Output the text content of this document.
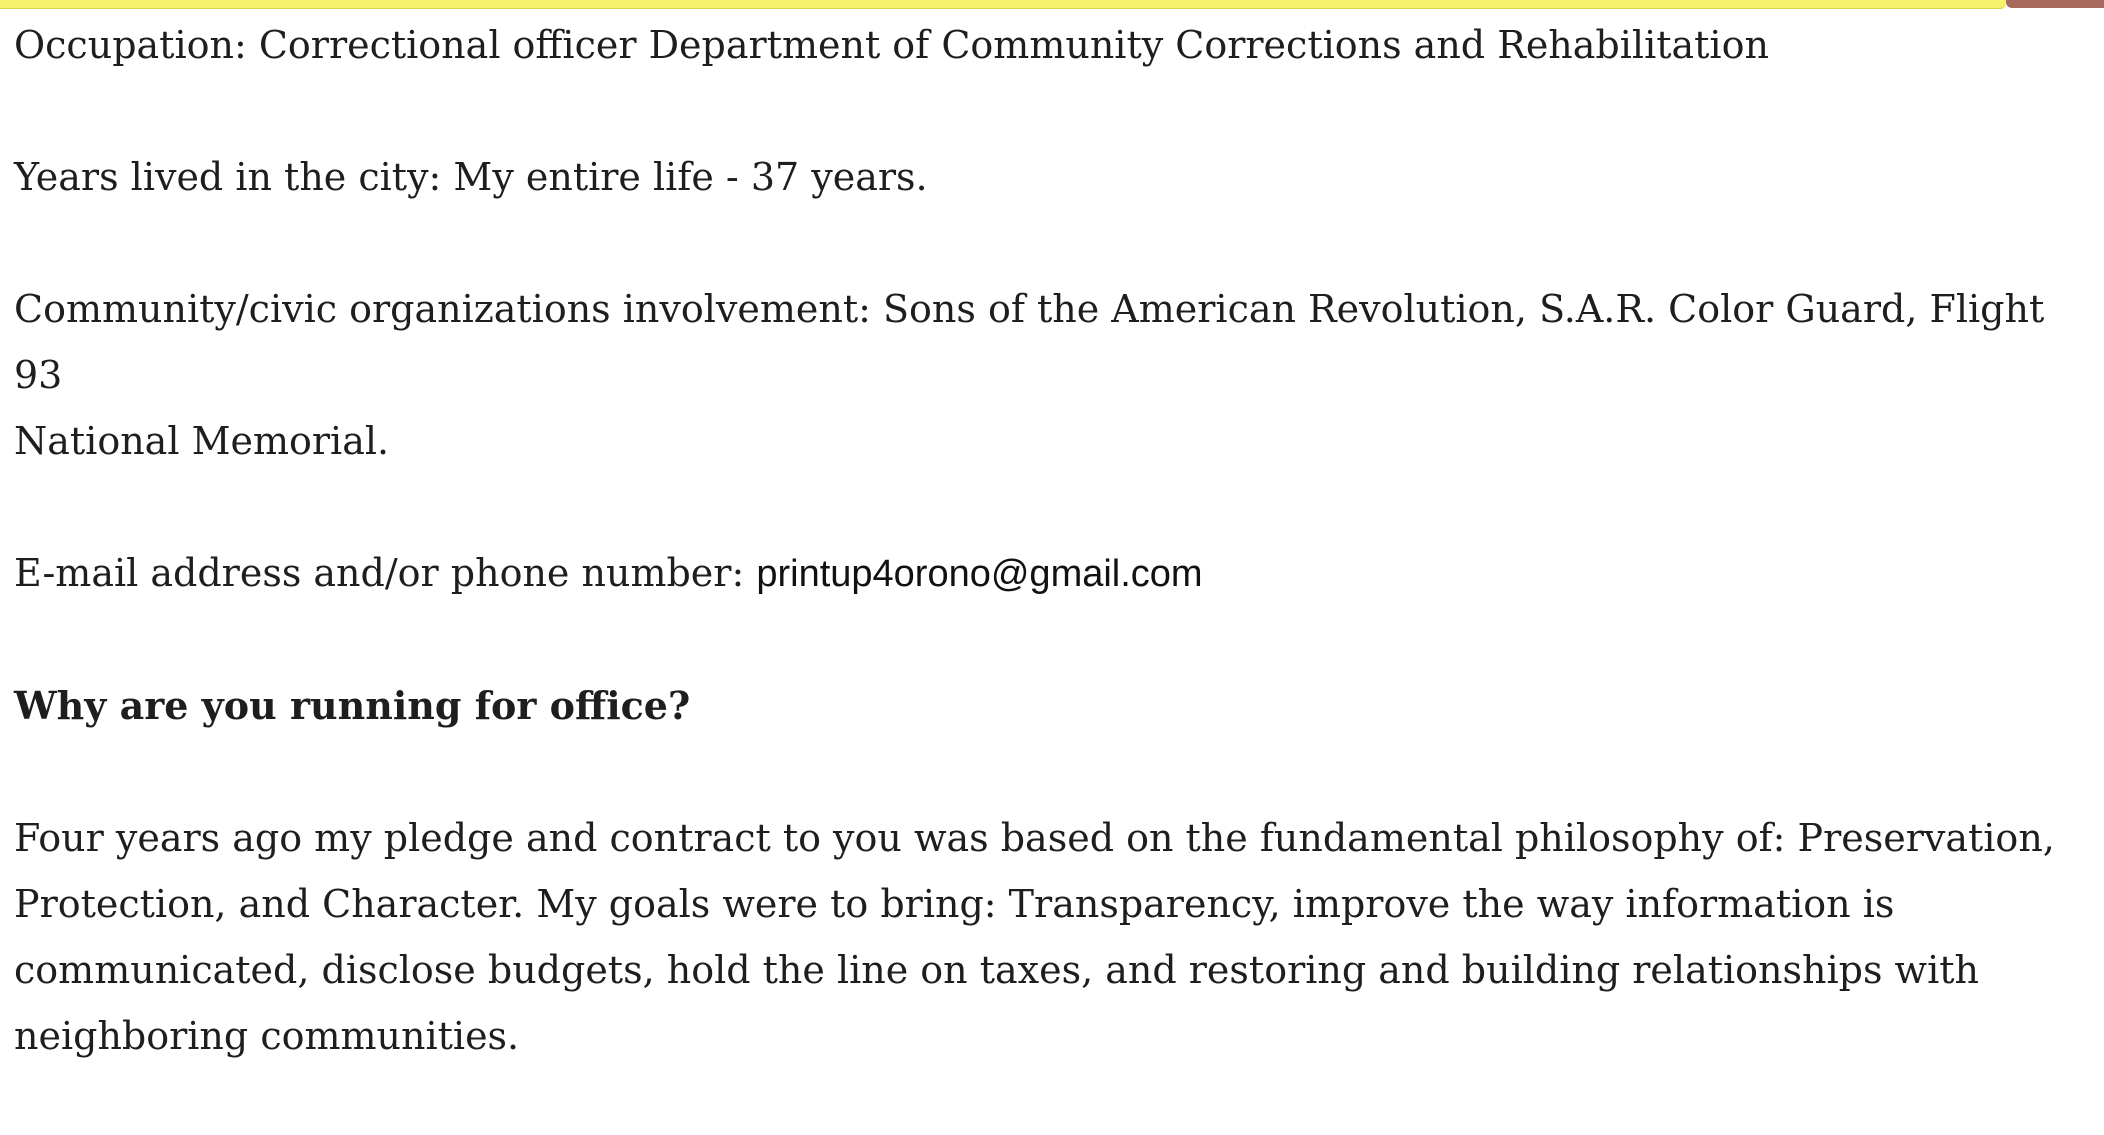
Occupation: Correctional officer Department of Community Corrections and Rehabilitation

Years lived in the city: My entire life - 37 years.

Community/civic organizations involvement: Sons of the American Revolution, S.A.R. Color Guard, Flight 93
National Memorial.

E-mail address and/or phone number: printup4orono@gmail.com

Why are you running for office?

Four years ago my pledge and contract to you was based on the fundamental philosophy of: Preservation,
Protection, and Character. My goals were to bring: Transparency, improve the way information is
communicated, disclose budgets, hold the line on taxes, and restoring and building relationships with
neighboring communities.
